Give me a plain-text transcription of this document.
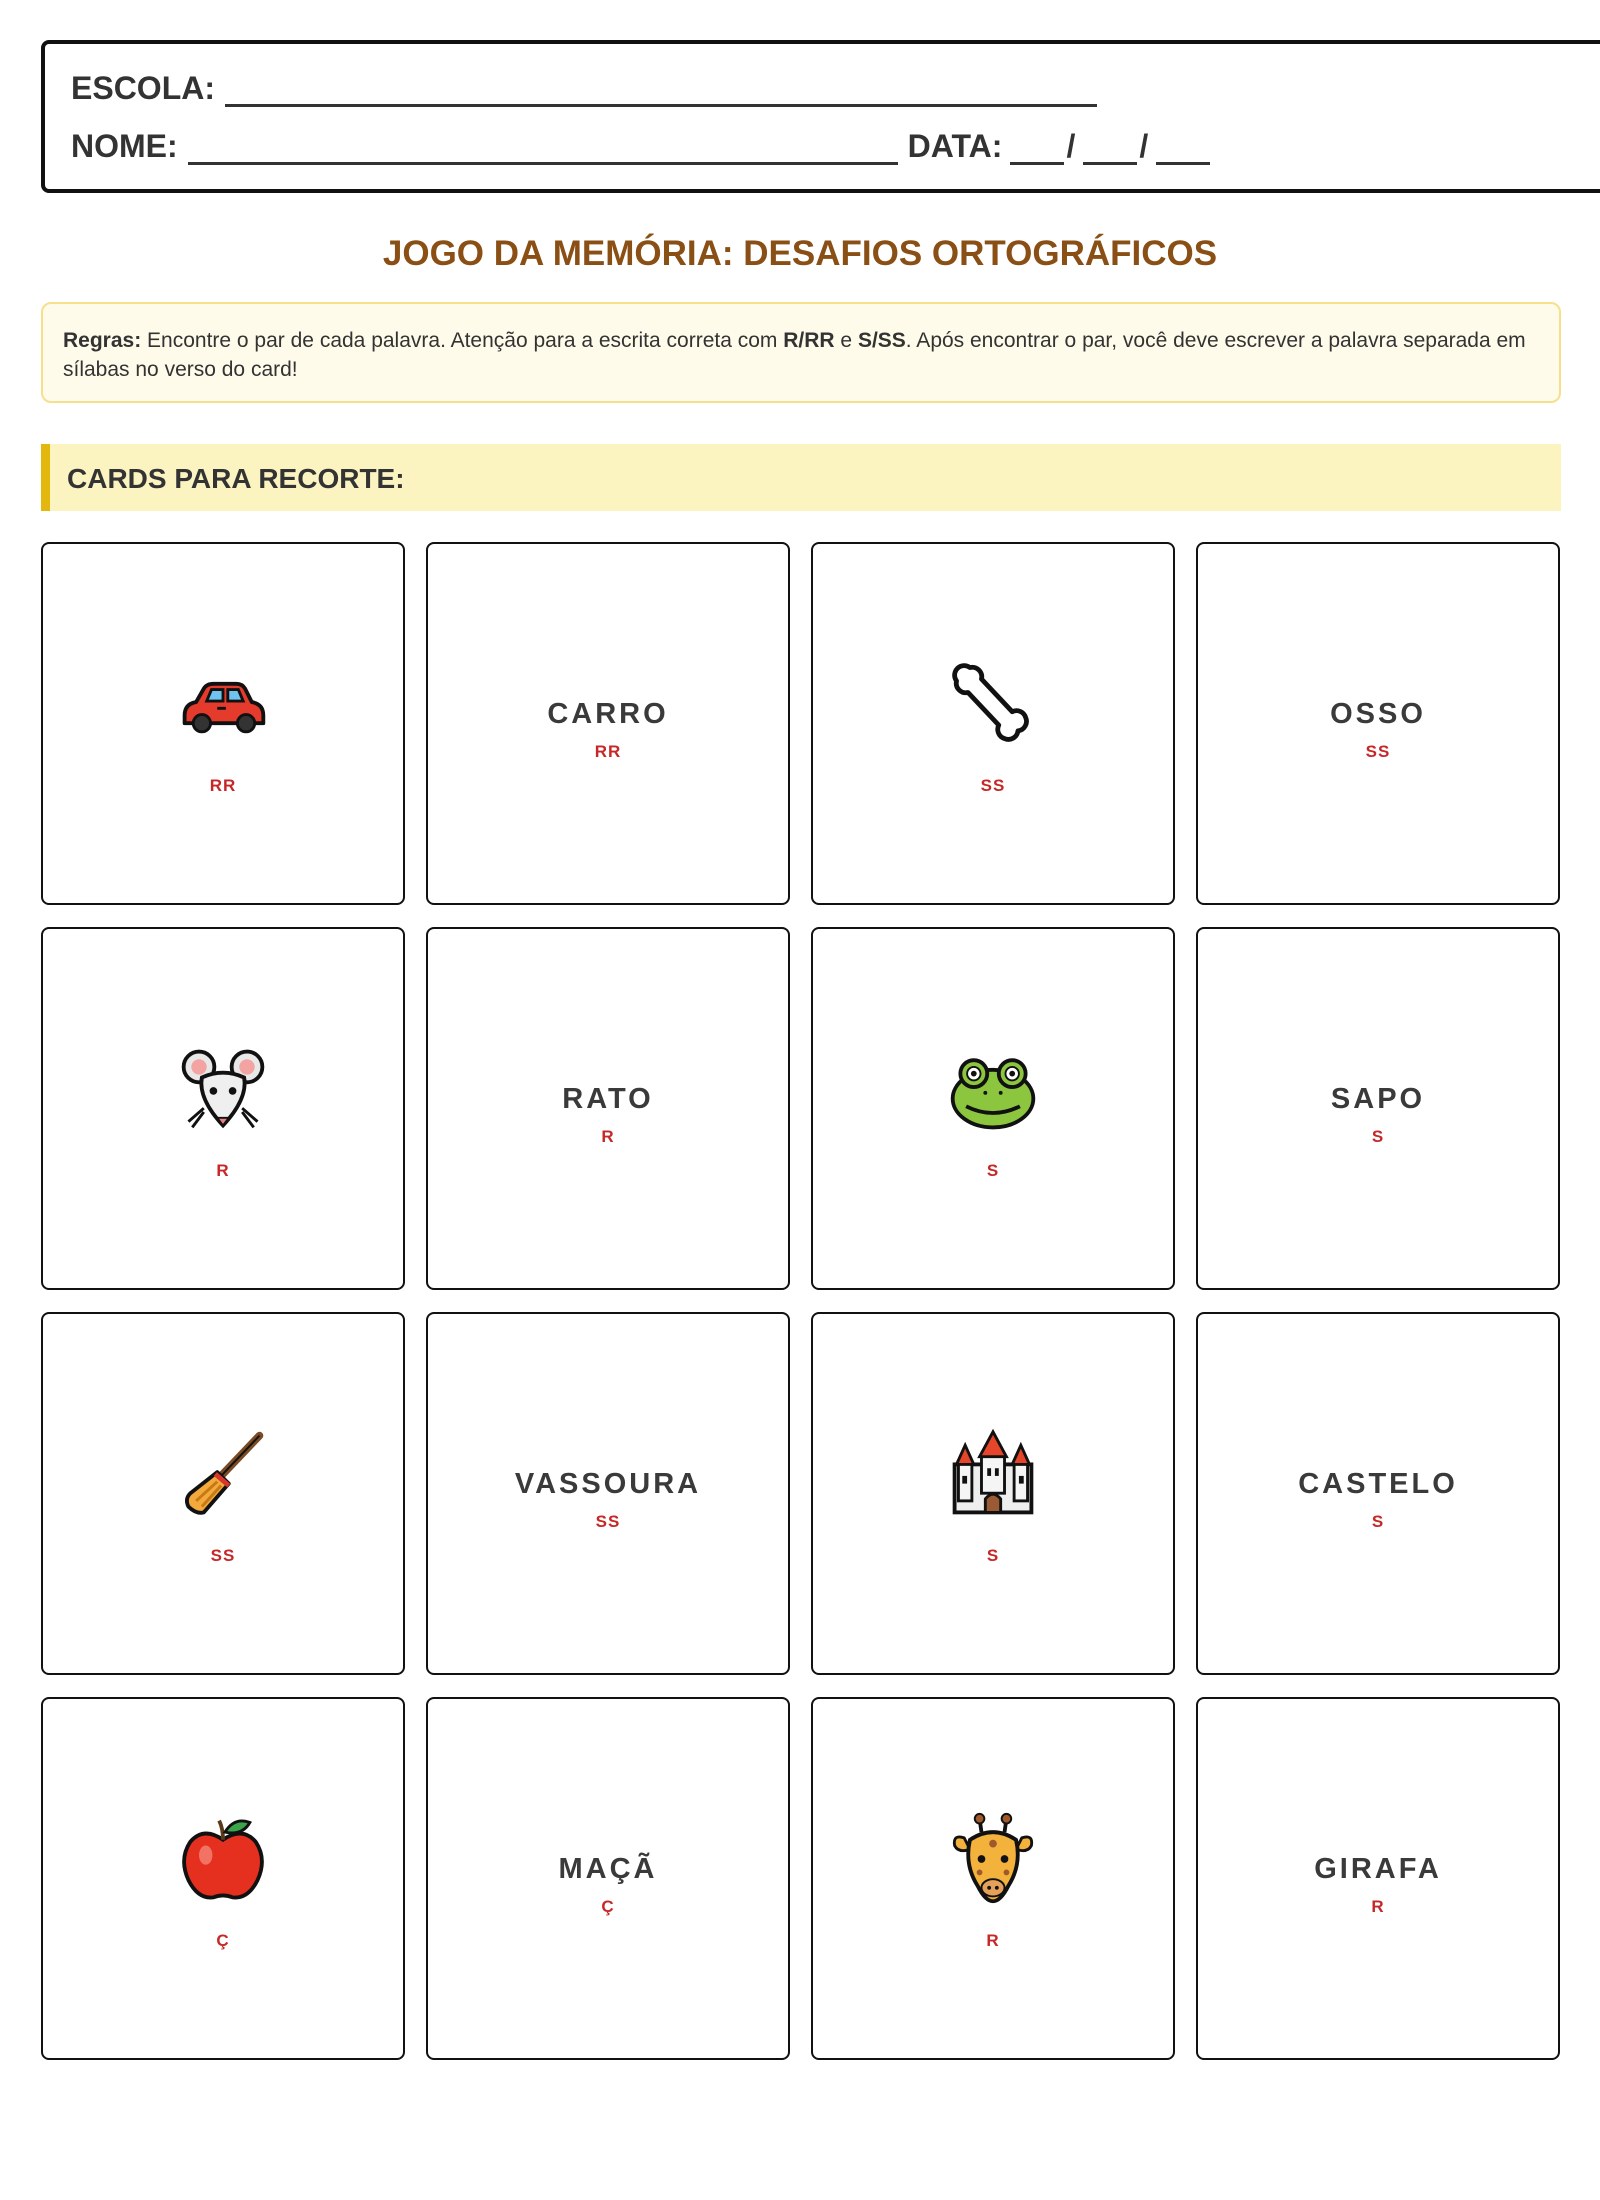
ESCOLA:
NOME:	DATA: / /
JOGO DA MEMÓRIA: DESAFIOS ORTOGRÁFICOS
Regras: Encontre o par de cada palavra. Atenção para a escrita correta com R/RR e S/SS. Após encontrar o par, você deve escrever a palavra separada em sílabas no verso do card!
CARDS PARA RECORTE:
RR
CARRO
RR
SS
OSSO
SS
R
RATO
R
S
SAPO
S
SS
VASSOURA
SS
S
CASTELO
S
Ç
MAÇÃ
Ç
R
GIRAFA
R
